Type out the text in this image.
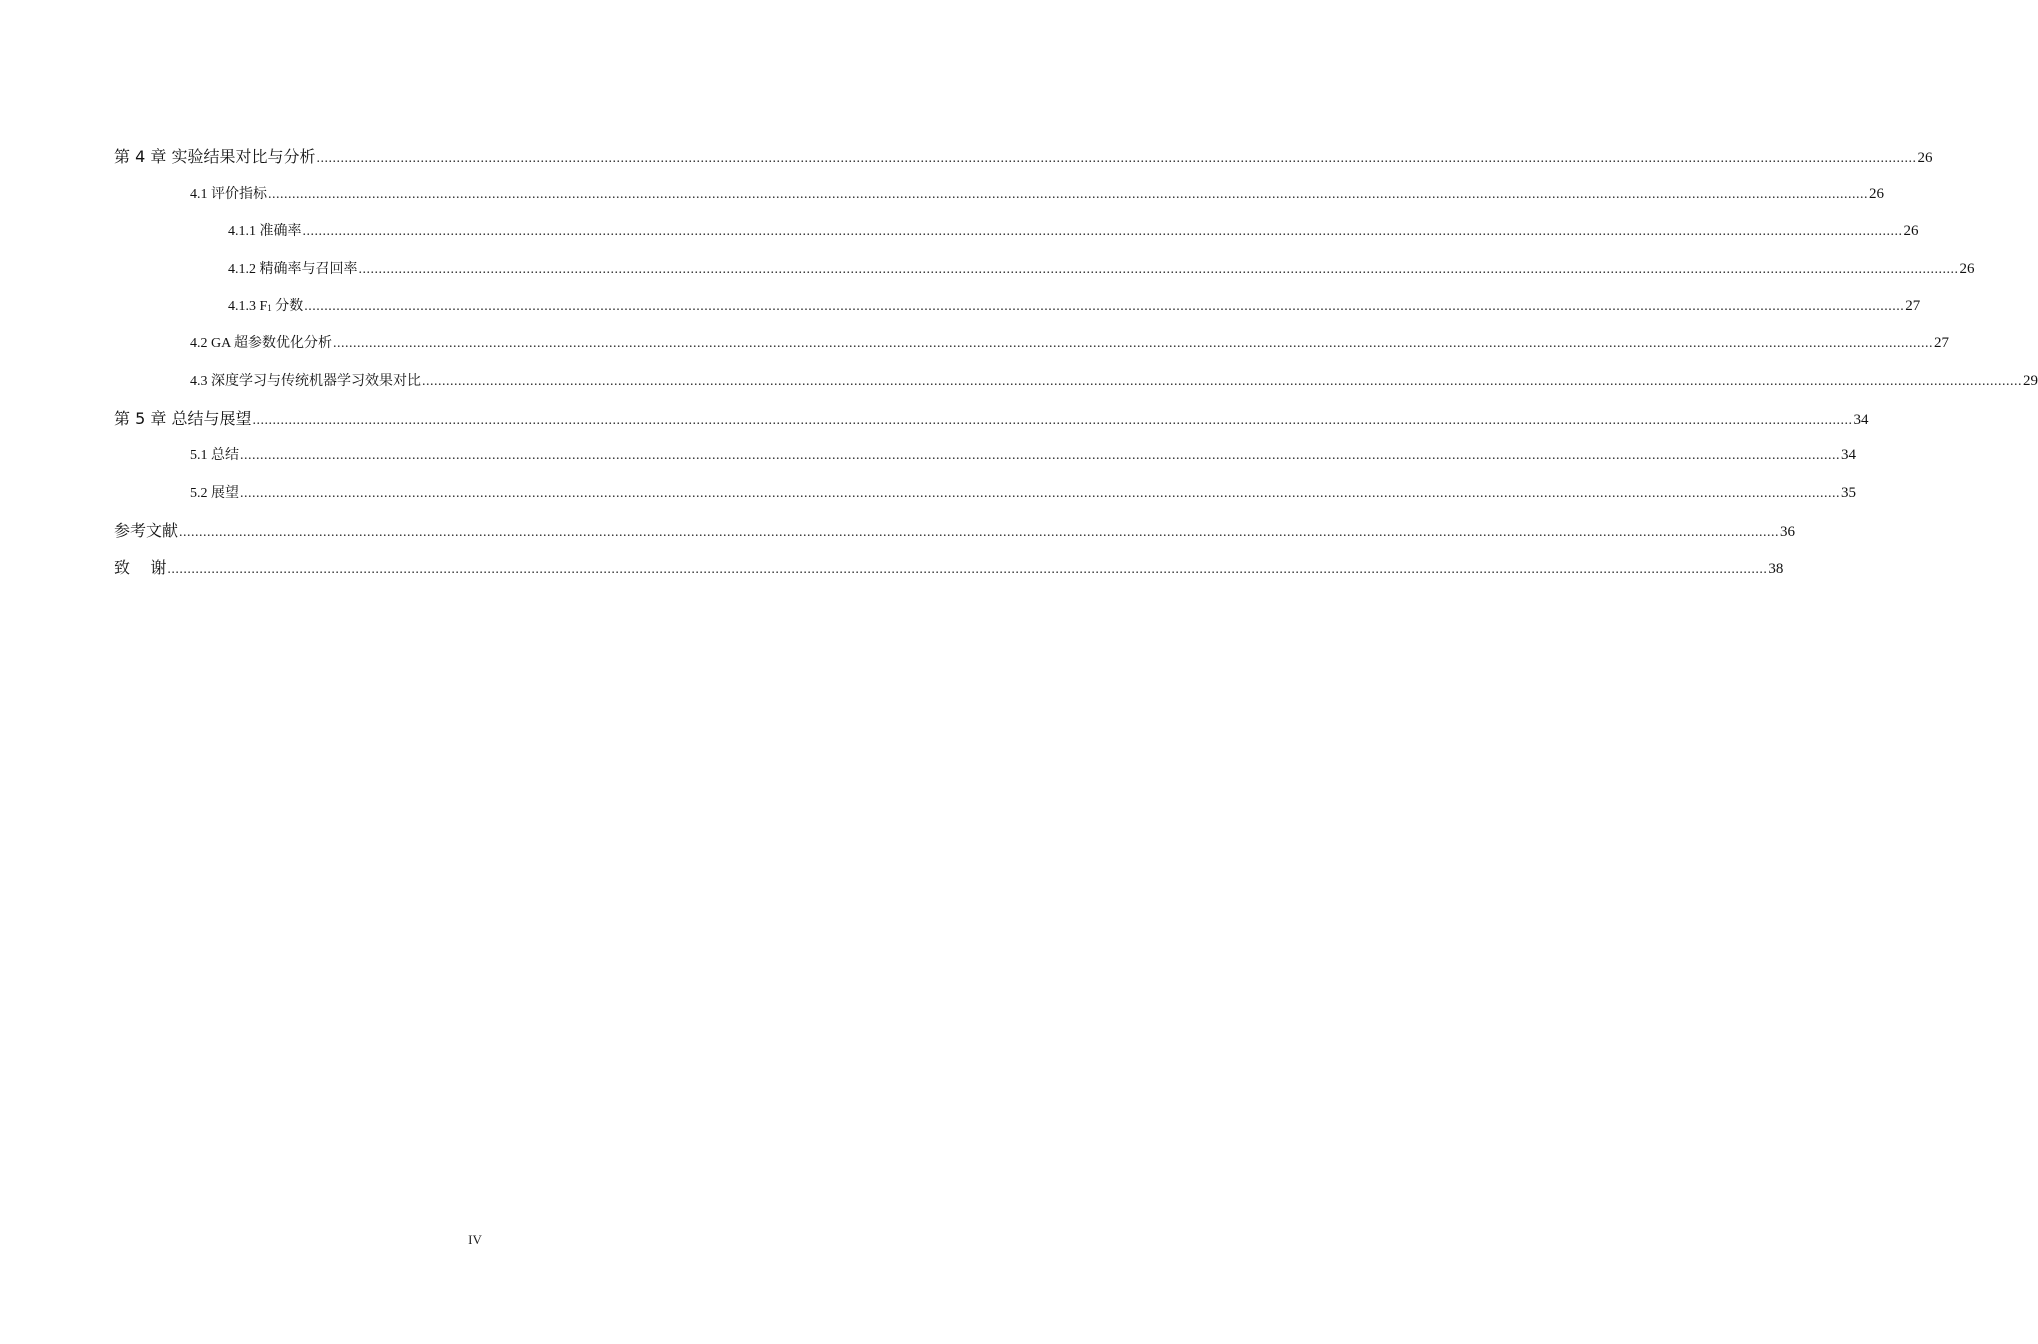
第 4 章 实验结果对比与分析 ................................................................................................................................................................................................................................................................................................................................................................................................................ 26
4.1 评价指标 ................................................................................................................................................................................................................................................................................................................................................................................................................ 26
4.1.1 准确率 ................................................................................................................................................................................................................................................................................................................................................................................................................ 26
4.1.2 精确率与召回率 ................................................................................................................................................................................................................................................................................................................................................................................................................ 26
4.1.3 $F_1$ 分数 ................................................................................................................................................................................................................................................................................................................................................................................................................ 27
4.2 GA 超参数优化分析 ................................................................................................................................................................................................................................................................................................................................................................................................................ 27
4.3 深度学习与传统机器学习效果对比 ................................................................................................................................................................................................................................................................................................................................................................................................................ 29
第 5 章 总结与展望 ................................................................................................................................................................................................................................................................................................................................................................................................................ 34
5.1 总结 ................................................................................................................................................................................................................................................................................................................................................................................................................ 34
5.2 展望 ................................................................................................................................................................................................................................................................................................................................................................................................................ 35
参考文献 ................................................................................................................................................................................................................................................................................................................................................................................................................ 36
致    谢 ................................................................................................................................................................................................................................................................................................................................................................................................................ 38
IV
